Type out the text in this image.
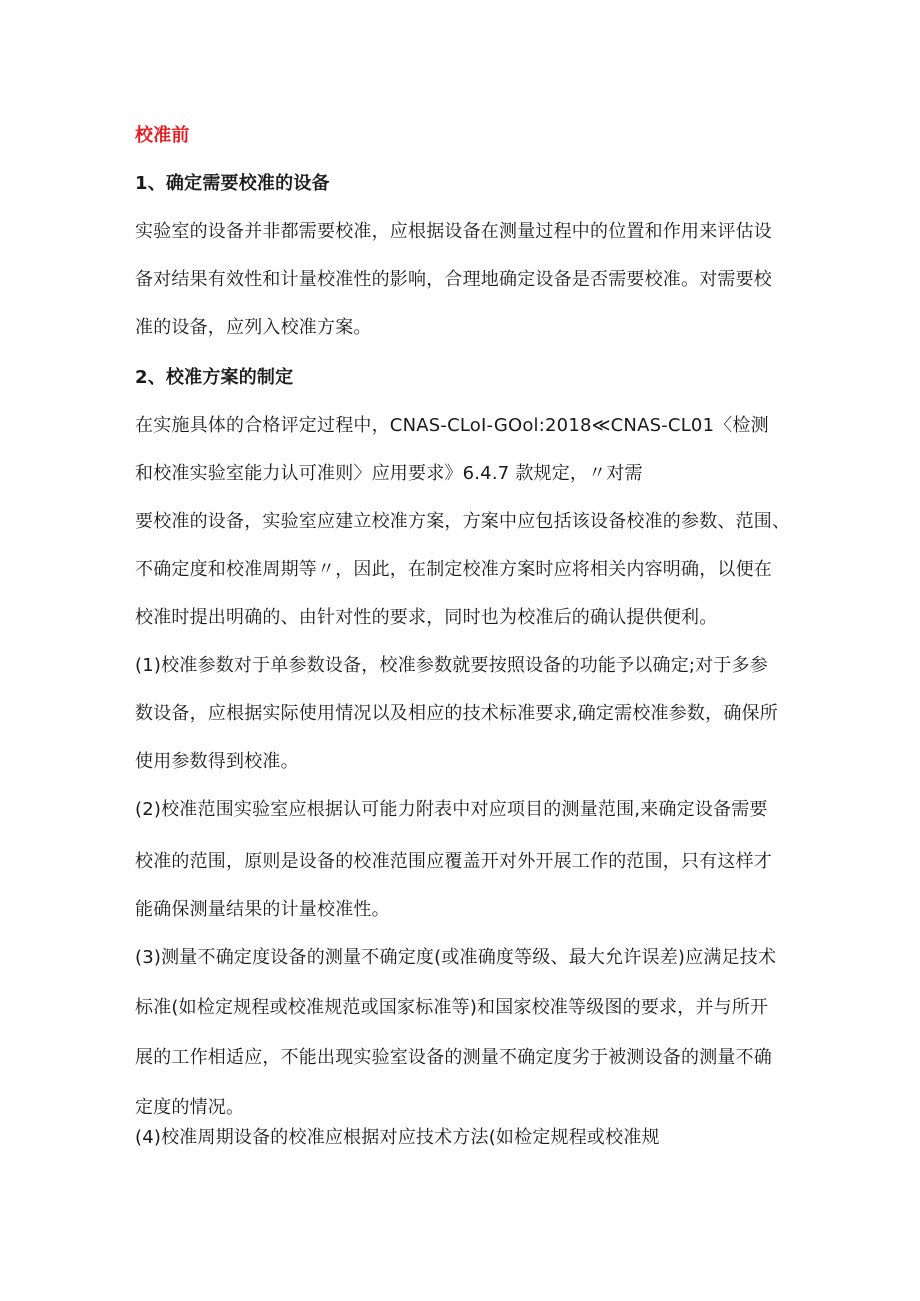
校准前
1、确定需要校准的设备
实验室的设备并非都需要校准，应根据设备在测量过程中的位置和作用来评估设
备对结果有效性和计量校准性的影响，合理地确定设备是否需要校准。对需要校
准的设备，应列入校准方案。
2、校准方案的制定
在实施具体的合格评定过程中，CNAS-CLoI-GOol:2018≪CNAS-CL01〈检测
和校准实验室能力认可准则〉应用要求》6.4.7 款规定，〃对需
要校准的设备，实验室应建立校准方案，方案中应包括该设备校准的参数、范围、
不确定度和校准周期等〃，因此，在制定校准方案时应将相关内容明确，以便在
校准时提出明确的、由针对性的要求，同时也为校准后的确认提供便利。
(1)校准参数对于单参数设备，校准参数就要按照设备的功能予以确定;对于多参
数设备，应根据实际使用情况以及相应的技术标准要求,确定需校准参数，确保所
使用参数得到校准。
(2)校准范围实验室应根据认可能力附表中对应项目的测量范围,来确定设备需要
校准的范围，原则是设备的校准范围应覆盖开对外开展工作的范围，只有这样才
能确保测量结果的计量校准性。
(3)测量不确定度设备的测量不确定度(或准确度等级、最大允许误差)应满足技术
标准(如检定规程或校准规范或国家标准等)和国家校准等级图的要求，并与所开
展的工作相适应，不能出现实验室设备的测量不确定度劣于被测设备的测量不确
定度的情况。
(4)校准周期设备的校准应根据对应技术方法(如检定规程或校准规
